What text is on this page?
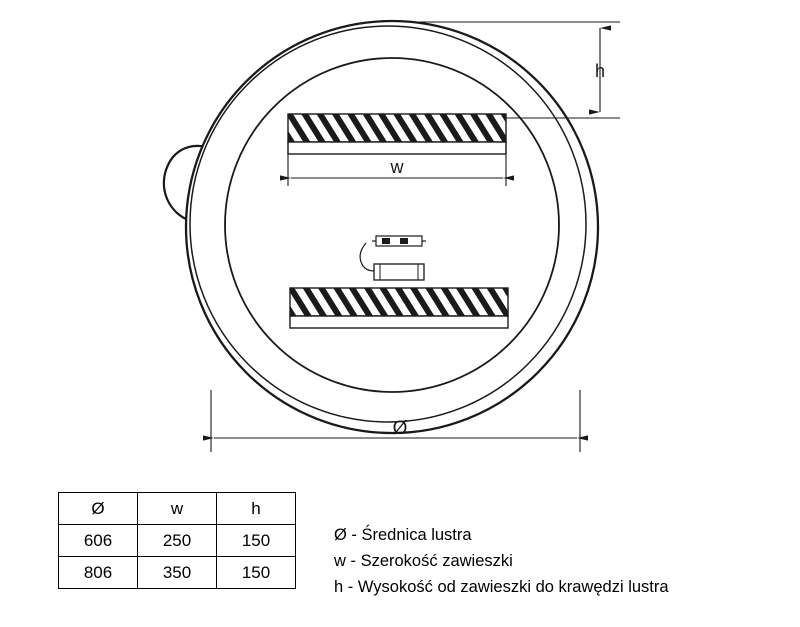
h
w
Ø
Ø	w	h
606	250	150
806	350	150
Ø - Średnica lustra
w - Szerokość zawieszki
h - Wysokość od zawieszki do krawędzi lustra
